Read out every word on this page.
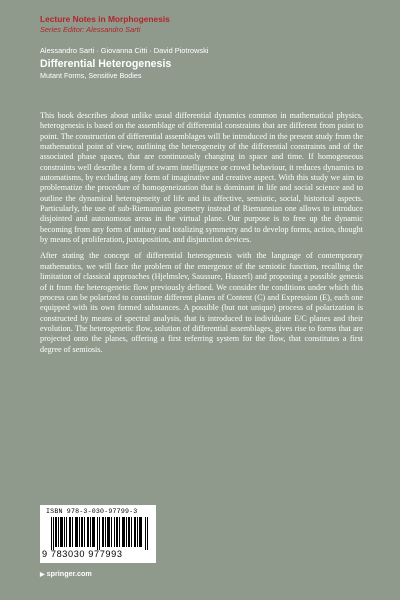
Lecture Notes in Morphogenesis
Series Editor: Alessandro Sarti
Alessandro Sarti · Giovanna Citti · David Piotrowski
Differential Heterogenesis
Mutant Forms, Sensitive Bodies

This book describes about unlike usual differential dynamics common in mathematical physics, heterogenesis is based on the assemblage of differential constraints that are different from point to point. The construction of differential assemblages will be introduced in the present study from the mathematical point of view, outlining the heterogeneity of the differential constraints and of the associated phase spaces, that are continuously changing in space and time. If homogeneous constraints well describe a form of swarm intelligence or crowd behaviour, it reduces dynamics to automatisms, by excluding any form of imaginative and creative aspect. With this study we aim to problematize the procedure of homogeneization that is dominant in life and social science and to outline the dynamical heterogeneity of life and its affective, semiotic, social, historical aspects. Particularly, the use of sub-Riemannian geometry instead of Riemannian one allows to introduce disjointed and autonomous areas in the virtual plane. Our purpose is to free up the dynamic becoming from any form of unitary and totalizing symmetry and to develop forms, action, thought by means of proliferation, juxtaposition, and disjunction devices.

After stating the concept of differential heterogenesis with the language of contemporary mathematics, we will face the problem of the emergence of the semiotic function, recalling the limitation of classical approaches (Hjelmslev, Saussure, Husserl) and proposing a possible genesis of it from the heterogenetic flow previously defined. We consider the conditions under which this process can be polarized to constitute different planes of Content (C) and Expression (E), each one equipped with its own formed substances. A possible (but not unique) process of polarization is constructed by means of spectral analysis, that is introduced to individuate E/C planes and their evolution. The heterogenetic flow, solution of differential assemblages, gives rise to forms that are projected onto the planes, offering a first referring system for the flow, that constitutes a first degree of semiosis.

ISBN 978-3-030-97799-3
9 783030 977993
▶ springer.com
